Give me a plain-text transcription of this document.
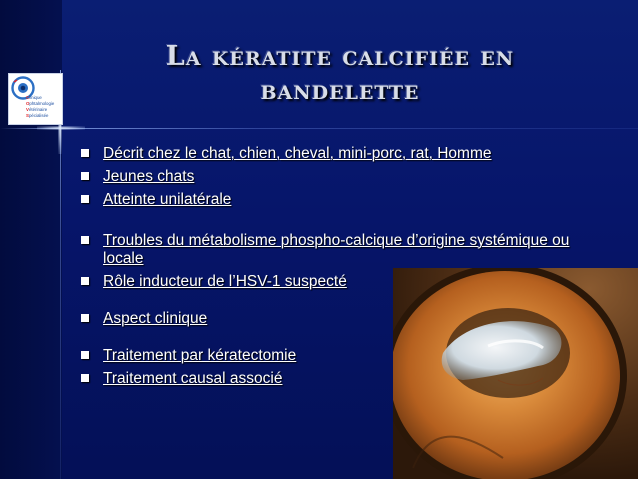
Clinique
Ophtalmologie
Vétérinaire
Spécialisée
La kératite calcifiée en
bandelette
Décrit chez le chat, chien, cheval, mini-porc, rat, Homme
Jeunes chats
Atteinte unilatérale
Troubles du métabolisme phospho-calcique d’origine systémique ou
locale
Rôle inducteur de l’HSV-1 suspecté
Aspect clinique
Traitement par kératectomie
Traitement causal associé
